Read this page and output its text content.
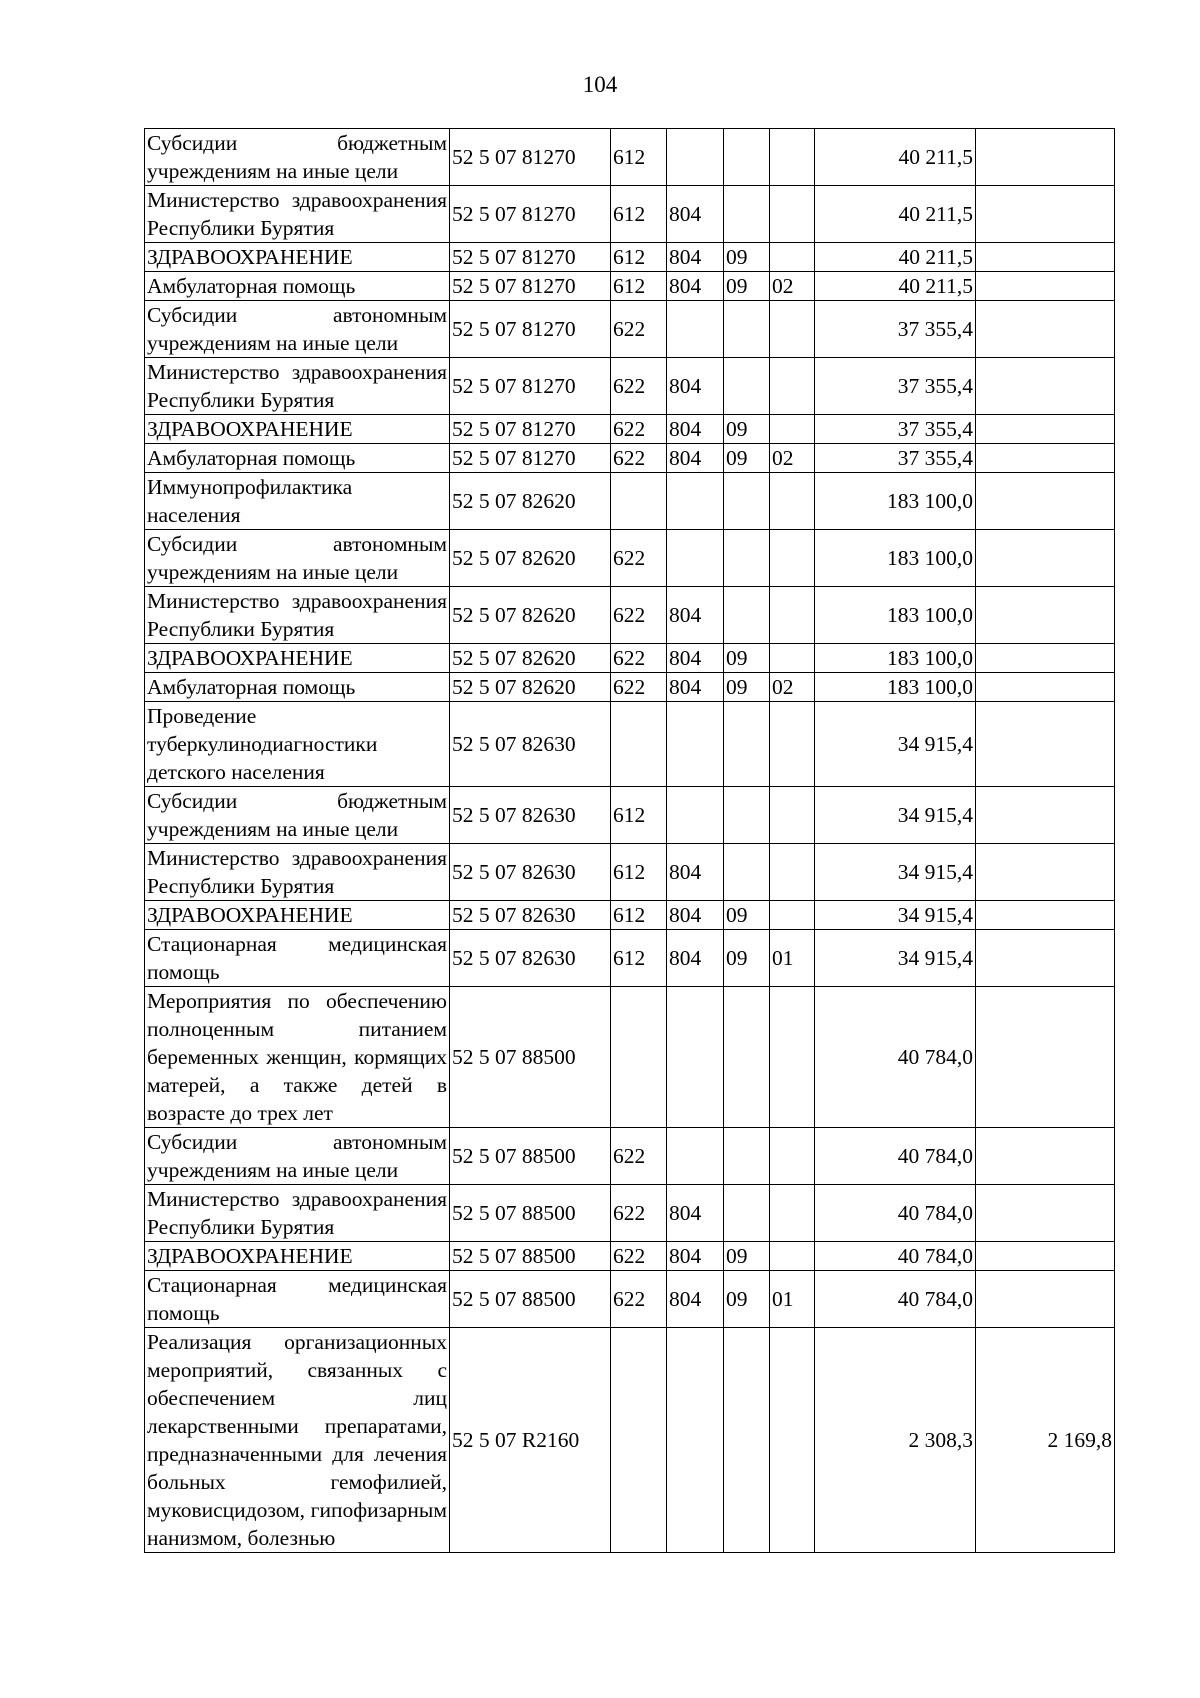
104
Субсидии бюджетным учреждениям на иные цели	52 5 07 81270	612				40 211,5	
Министерство здравоохранения Республики Бурятия	52 5 07 81270	612	804			40 211,5	
ЗДРАВООХРАНЕНИЕ	52 5 07 81270	612	804	09		40 211,5	
Амбулаторная помощь	52 5 07 81270	612	804	09	02	40 211,5	
Субсидии автономным учреждениям на иные цели	52 5 07 81270	622				37 355,4	
Министерство здравоохранения Республики Бурятия	52 5 07 81270	622	804			37 355,4	
ЗДРАВООХРАНЕНИЕ	52 5 07 81270	622	804	09		37 355,4	
Амбулаторная помощь	52 5 07 81270	622	804	09	02	37 355,4	
Иммунопрофилактика населения	52 5 07 82620					183 100,0	
Субсидии автономным учреждениям на иные цели	52 5 07 82620	622				183 100,0	
Министерство здравоохранения Республики Бурятия	52 5 07 82620	622	804			183 100,0	
ЗДРАВООХРАНЕНИЕ	52 5 07 82620	622	804	09		183 100,0	
Амбулаторная помощь	52 5 07 82620	622	804	09	02	183 100,0	
Проведение туберкулинодиагностики детского населения	52 5 07 82630					34 915,4	
Субсидии бюджетным учреждениям на иные цели	52 5 07 82630	612				34 915,4	
Министерство здравоохранения Республики Бурятия	52 5 07 82630	612	804			34 915,4	
ЗДРАВООХРАНЕНИЕ	52 5 07 82630	612	804	09		34 915,4	
Стационарная медицинская помощь	52 5 07 82630	612	804	09	01	34 915,4	
Мероприятия по обеспечению полноценным питанием беременных женщин, кормящих матерей, а также детей в возрасте до трех лет	52 5 07 88500					40 784,0	
Субсидии автономным учреждениям на иные цели	52 5 07 88500	622				40 784,0	
Министерство здравоохранения Республики Бурятия	52 5 07 88500	622	804			40 784,0	
ЗДРАВООХРАНЕНИЕ	52 5 07 88500	622	804	09		40 784,0	
Стационарная медицинская помощь	52 5 07 88500	622	804	09	01	40 784,0	
Реализация организационных мероприятий, связанных с обеспечением лиц лекарственными препаратами, предназначенными для лечения больных гемофилией, муковисцидозом, гипофизарным нанизмом, болезнью	52 5 07 R2160					2 308,3	2 169,8
